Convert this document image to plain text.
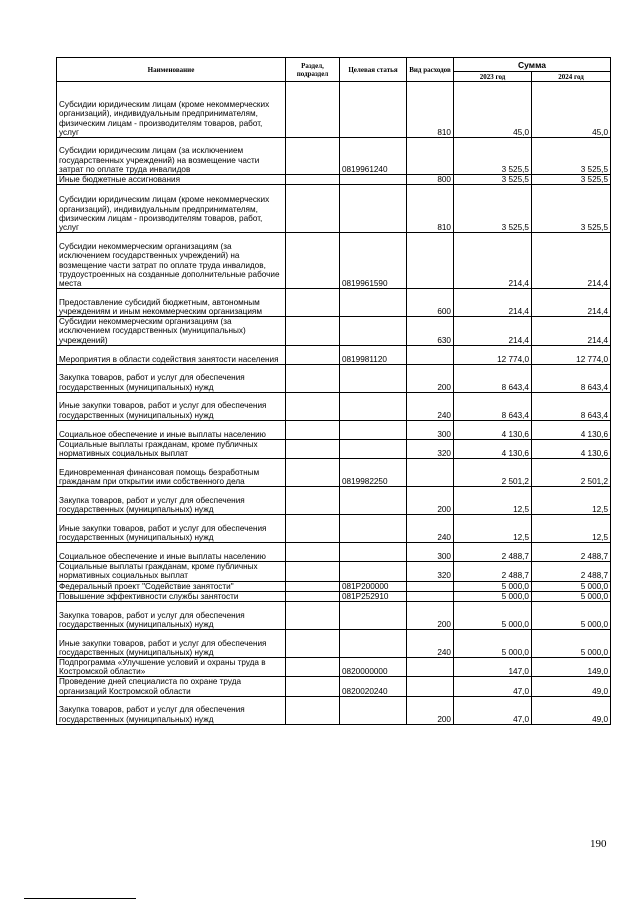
Наименование	Раздел, подраздел	Целевая статья	Вид расходов	Сумма	
				2023 год	2024 год
Субсидии юридическим лицам (кроме некоммерческих организаций), индивидуальным предпринимателям, физическим лицам - производителям товаров, работ, услуг			810	45,0	45,0
Субсидии юридическим лицам (за исключением государственных учреждений) на возмещение части затрат по оплате труда инвалидов		0819961240		3 525,5	3 525,5
Иные бюджетные ассигнования			800	3 525,5	3 525,5
Субсидии юридическим лицам (кроме некоммерческих организаций), индивидуальным предпринимателям, физическим лицам - производителям товаров, работ, услуг			810	3 525,5	3 525,5
Субсидии некоммерческим организациям (за исключением государственных учреждений) на возмещение части затрат по оплате труда инвалидов, трудоустроенных на созданные дополнительные рабочие места		0819961590		214,4	214,4
Предоставление субсидий бюджетным, автономным учреждениям и иным некоммерческим организациям			600	214,4	214,4
Субсидии некоммерческим организациям (за исключением государственных (муниципальных) учреждений)			630	214,4	214,4
Мероприятия в области содействия занятости населения		0819981120		12 774,0	12 774,0
Закупка товаров, работ и услуг для обеспечения государственных (муниципальных) нужд			200	8 643,4	8 643,4
Иные закупки товаров, работ и услуг для обеспечения государственных (муниципальных) нужд			240	8 643,4	8 643,4
Социальное обеспечение и иные выплаты населению			300	4 130,6	4 130,6
Социальные выплаты гражданам, кроме публичных нормативных социальных выплат			320	4 130,6	4 130,6
Единовременная финансовая помощь безработным гражданам при открытии ими собственного дела		0819982250		2 501,2	2 501,2
Закупка товаров, работ и услуг для обеспечения государственных (муниципальных) нужд			200	12,5	12,5
Иные закупки товаров, работ и услуг для обеспечения государственных (муниципальных) нужд			240	12,5	12,5
Социальное обеспечение и иные выплаты населению			300	2 488,7	2 488,7
Социальные выплаты гражданам, кроме публичных нормативных социальных выплат			320	2 488,7	2 488,7
Федеральный проект "Содействие занятости"		081P200000		5 000,0	5 000,0
Повышение эффективности службы занятости		081P252910		5 000,0	5 000,0
Закупка товаров, работ и услуг для обеспечения государственных (муниципальных) нужд			200	5 000,0	5 000,0
Иные закупки товаров, работ и услуг для обеспечения государственных (муниципальных) нужд			240	5 000,0	5 000,0
Подпрограмма «Улучшение условий и охраны труда в Костромской области»		0820000000		147,0	149,0
Проведение дней специалиста по охране труда организаций Костромской области		0820020240		47,0	49,0
Закупка товаров, работ и услуг для обеспечения государственных (муниципальных) нужд			200	47,0	49,0
190
